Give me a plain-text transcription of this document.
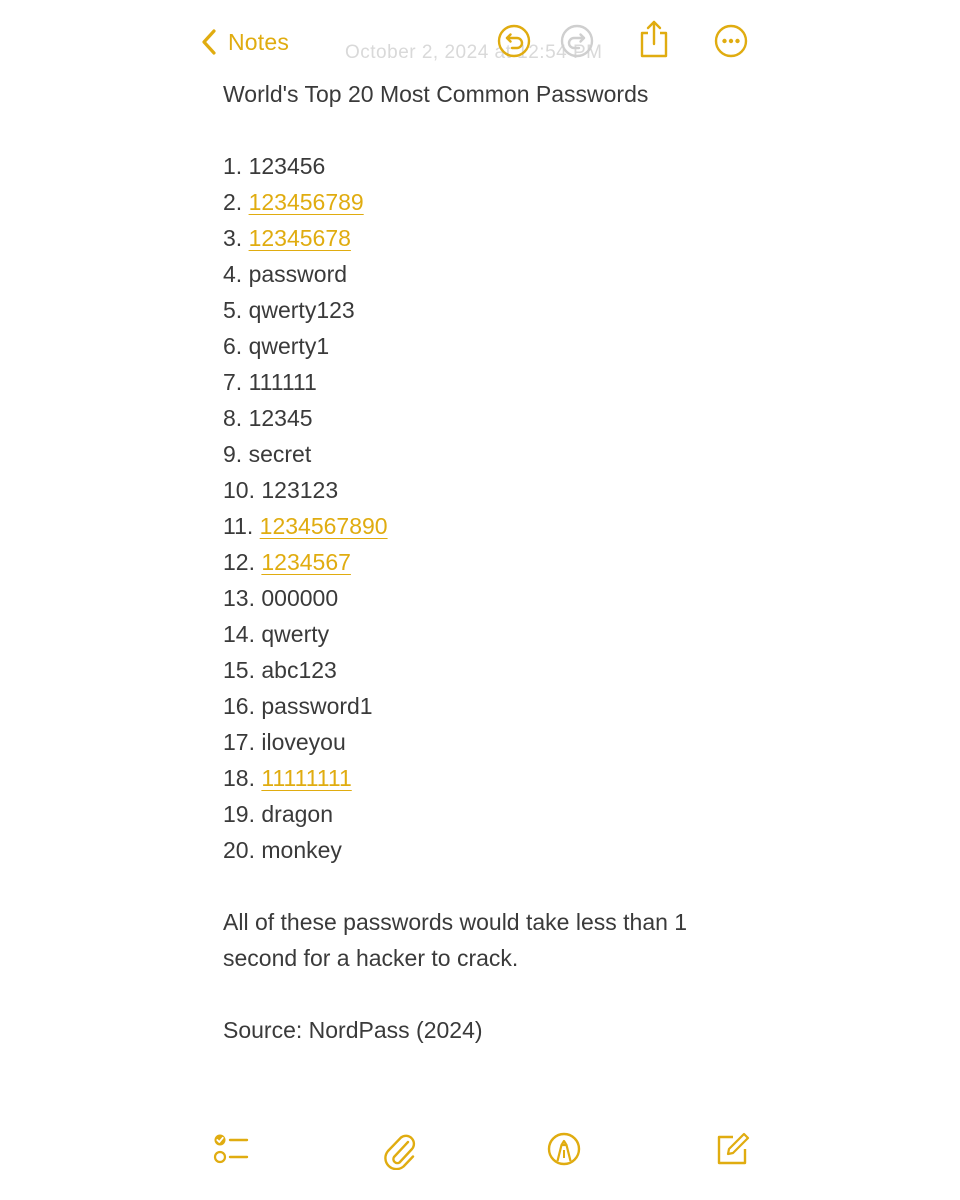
Notes	October 2, 2024 at 12:54 PM
World's Top 20 Most Common Passwords
1. 123456
2. 123456789
3. 12345678
4. password
5. qwerty123
6. qwerty1
7. 111111
8. 12345
9. secret
10. 123123
11. 1234567890
12. 1234567
13. 000000
14. qwerty
15. abc123
16. password1
17. iloveyou
18. 11111111
19. dragon
20. monkey

All of these passwords would take less than 1
second for a hacker to crack.

Source: NordPass (2024)
